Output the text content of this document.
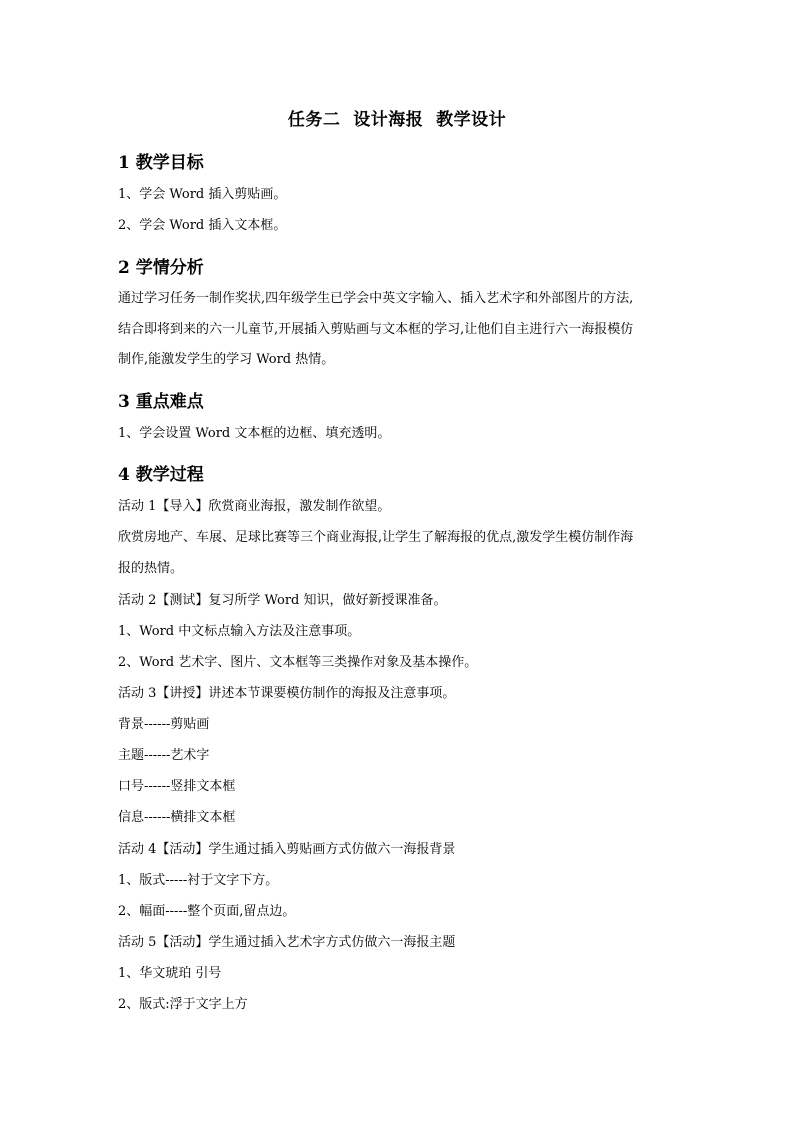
任务二  设计海报  教学设计
1 教学目标
1、学会 Word 插入剪贴画。
2、学会 Word 插入文本框。
2 学情分析
通过学习任务一制作奖状,四年级学生已学会中英文字输入、插入艺术字和外部图片的方法,
结合即将到来的六一儿童节,开展插入剪贴画与文本框的学习,让他们自主进行六一海报模仿
制作,能激发学生的学习 Word 热情。
3 重点难点
1、学会设置 Word 文本框的边框、填充透明。
4 教学过程
活动 1【导入】欣赏商业海报，激发制作欲望。
欣赏房地产、车展、足球比赛等三个商业海报,让学生了解海报的优点,激发学生模仿制作海
报的热情。
活动 2【测试】复习所学 Word 知识，做好新授课准备。
1、Word 中文标点输入方法及注意事项。
2、Word 艺术字、图片、文本框等三类操作对象及基本操作。
活动 3【讲授】讲述本节课要模仿制作的海报及注意事项。
背景------剪贴画
主题------艺术字
口号------竖排文本框
信息------横排文本框
活动 4【活动】学生通过插入剪贴画方式仿做六一海报背景
1、版式-----衬于文字下方。
2、幅面-----整个页面,留点边。
活动 5【活动】学生通过插入艺术字方式仿做六一海报主题
1、华文琥珀 引号
2、版式:浮于文字上方
